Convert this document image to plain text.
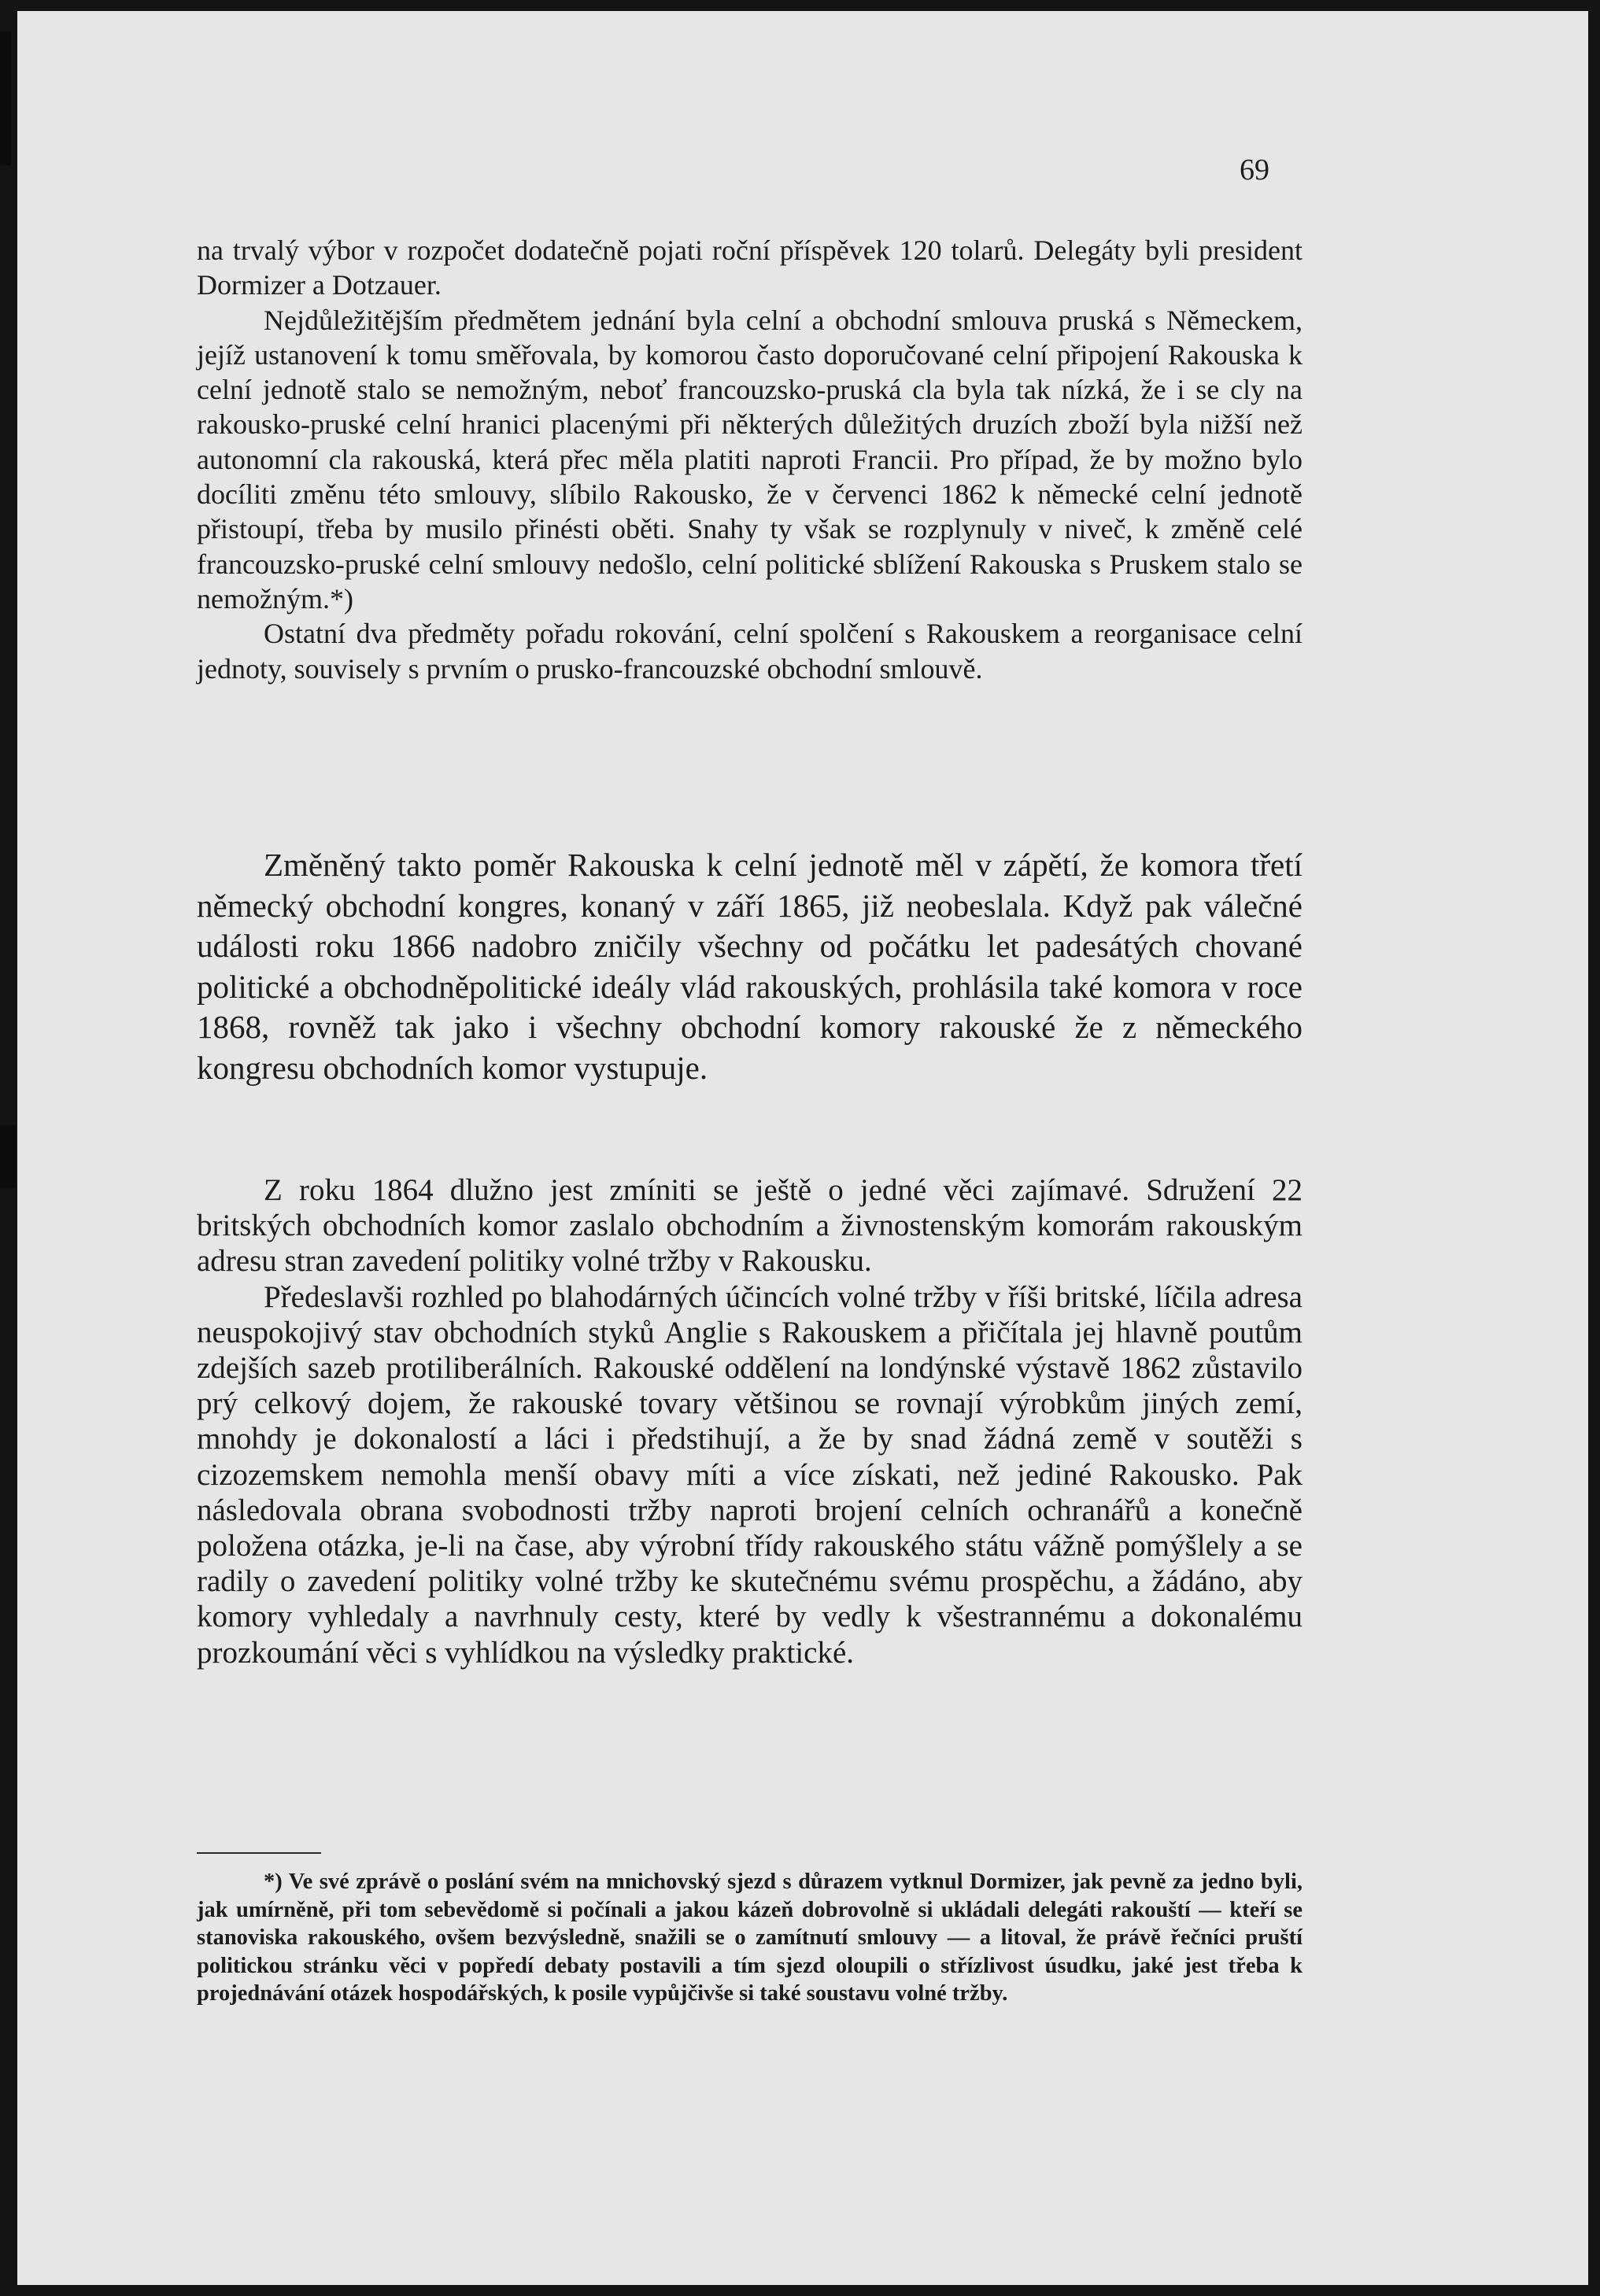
69

na trvalý výbor v rozpočet dodatečně pojati roční příspěvek 120 tolarů. Delegáty byli president Dormizer a Dotzauer.

Nejdůležitějším předmětem jednání byla celní a obchodní smlouva pruská s Německem, jejíž ustanovení k tomu směřovala, by komorou často doporučované celní připojení Rakouska k celní jednotě stalo se nemožným, neboť francouzsko-pruská cla byla tak nízká, že i se cly na rakousko-pruské celní hranici placenými při některých důležitých druzích zboží byla nižší než autonomní cla rakouská, která přec měla platiti naproti Francii. Pro případ, že by možno bylo docíliti změnu této smlouvy, slíbilo Rakousko, že v červenci 1862 k německé celní jednotě přistoupí, třeba by musilo přinésti oběti. Snahy ty však se rozplynuly v niveč, k změně celé francouzsko-pruské celní smlouvy nedošlo, celní politické sblížení Rakouska s Pruskem stalo se nemožným.*)

Ostatní dva předměty pořadu rokování, celní spolčení s Rakouskem a reorganisace celní jednoty, souvisely s prvním o prusko-francouzské obchodní smlouvě.

Změněný takto poměr Rakouska k celní jednotě měl v zápětí, že komora třetí německý obchodní kongres, konaný v září 1865, již neobeslala. Když pak válečné události roku 1866 nadobro zničily všechny od počátku let padesátých chované politické a obchodněpolitické ideály vlád rakouských, prohlásila také komora v roce 1868, rovněž tak jako i všechny obchodní komory rakouské že z německého kongresu obchodních komor vystupuje.

Z roku 1864 dlužno jest zmíniti se ještě o jedné věci zajímavé. Sdružení 22 britských obchodních komor zaslalo obchodním a živnostenským komorám rakouským adresu stran zavedení politiky volné tržby v Rakousku.

Předeslavši rozhled po blahodárných účincích volné tržby v říši britské, líčila adresa neuspokojivý stav obchodních styků Anglie s Rakouskem a přičítala jej hlavně poutům zdejších sazeb protiliberálních. Rakouské oddělení na londýnské výstavě 1862 zůstavilo prý celkový dojem, že rakouské tovary většinou se rovnají výrobkům jiných zemí, mnohdy je dokonalostí a láci i předstihují, a že by snad žádná země v soutěži s cizozemskem nemohla menší obavy míti a více získati, než jediné Rakousko. Pak následovala obrana svobodnosti tržby naproti brojení celních ochranářů a konečně položena otázka, je-li na čase, aby výrobní třídy rakouského státu vážně pomýšlely a se radily o zavedení politiky volné tržby ke skutečnému svému prospěchu, a žádáno, aby komory vyhledaly a navrhnuly cesty, které by vedly k všestrannému a dokonalému prozkoumání věci s vyhlídkou na výsledky praktické.

*) Ve své zprávě o poslání svém na mnichovský sjezd s důrazem vytknul Dormizer, jak pevně za jedno byli, jak umírněně, při tom sebevědomě si počínali a jakou kázeň dobrovolně si ukládali delegáti rakouští — kteří se stanoviska rakouského, ovšem bezvýsledně, snažili se o zamítnutí smlouvy — a litoval, že právě řečníci pruští politickou stránku věci v popředí debaty postavili a tím sjezd oloupili o střízlivost úsudku, jaké jest třeba k projednávání otázek hospodářských, k posile vypůjčivše si také soustavu volné tržby.
